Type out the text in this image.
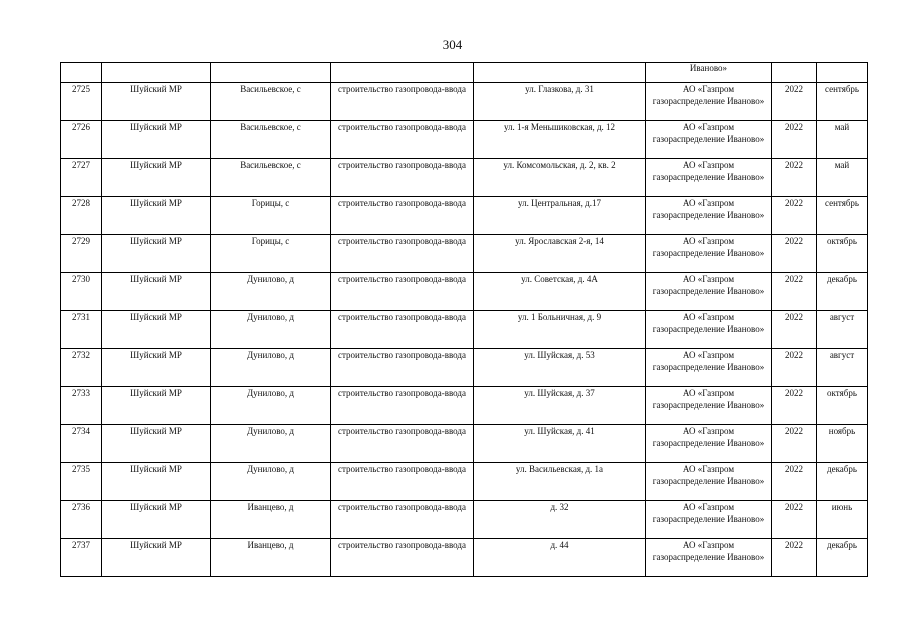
304
					Иваново»		
2725	Шуйский МР	Васильевское, с	строительство газопровода-ввода	ул. Глазкова, д. 31	АО «Газпром газораспределение Иваново»	2022	сентябрь
2726	Шуйский МР	Васильевское, с	строительство газопровода-ввода	ул. 1-я Меньшиковская, д. 12	АО «Газпром газораспределение Иваново»	2022	май
2727	Шуйский МР	Васильевское, с	строительство газопровода-ввода	ул. Комсомольская, д. 2, кв. 2	АО «Газпром газораспределение Иваново»	2022	май
2728	Шуйский МР	Горицы, с	строительство газопровода-ввода	ул. Центральная, д.17	АО «Газпром газораспределение Иваново»	2022	сентябрь
2729	Шуйский МР	Горицы, с	строительство газопровода-ввода	ул. Ярославская 2-я, 14	АО «Газпром газораспределение Иваново»	2022	октябрь
2730	Шуйский МР	Дунилово, д	строительство газопровода-ввода	ул. Советская, д. 4А	АО «Газпром газораспределение Иваново»	2022	декабрь
2731	Шуйский МР	Дунилово, д	строительство газопровода-ввода	ул. 1 Больничная, д. 9	АО «Газпром газораспределение Иваново»	2022	август
2732	Шуйский МР	Дунилово, д	строительство газопровода-ввода	ул. Шуйская, д. 53	АО «Газпром газораспределение Иваново»	2022	август
2733	Шуйский МР	Дунилово, д	строительство газопровода-ввода	ул. Шуйская, д. 37	АО «Газпром газораспределение Иваново»	2022	октябрь
2734	Шуйский МР	Дунилово, д	строительство газопровода-ввода	ул. Шуйская, д. 41	АО «Газпром газораспределение Иваново»	2022	ноябрь
2735	Шуйский МР	Дунилово, д	строительство газопровода-ввода	ул. Васильевская, д. 1а	АО «Газпром газораспределение Иваново»	2022	декабрь
2736	Шуйский МР	Иванцево, д	строительство газопровода-ввода	д. 32	АО «Газпром газораспределение Иваново»	2022	июнь
2737	Шуйский МР	Иванцево, д	строительство газопровода-ввода	д. 44	АО «Газпром газораспределение Иваново»	2022	декабрь
